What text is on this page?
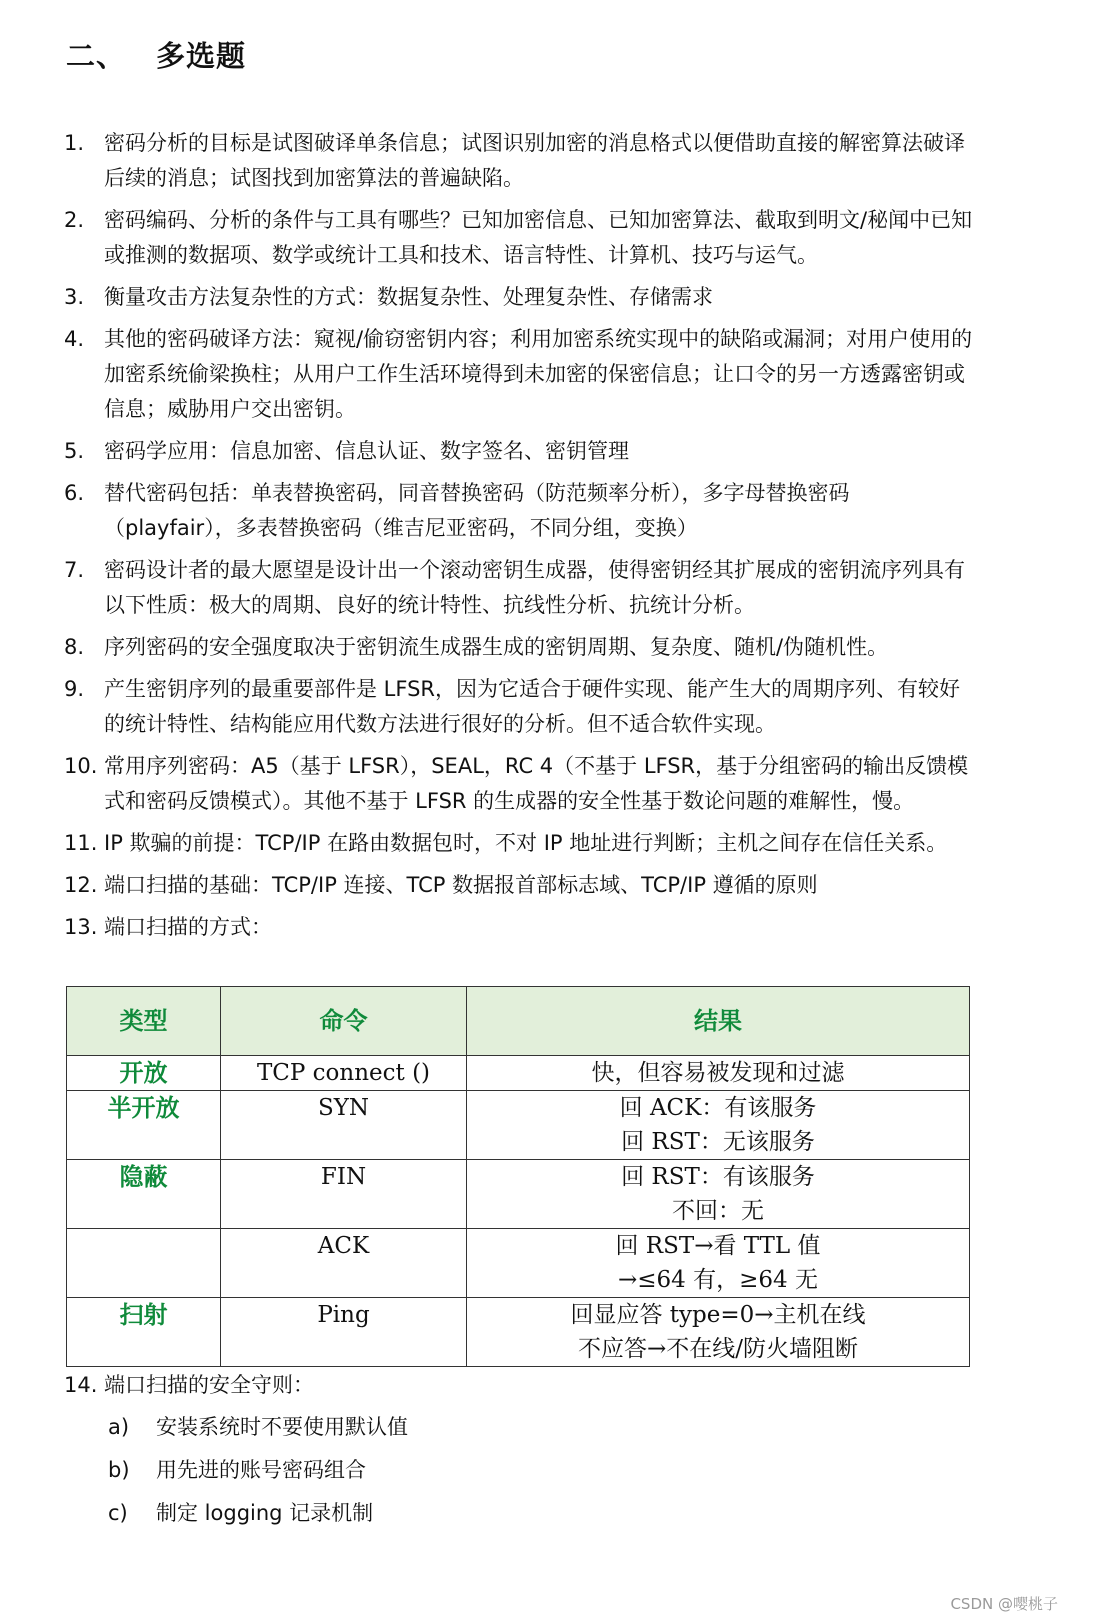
二、 多选题
1. 密码分析的目标是试图破译单条信息；试图识别加密的消息格式以便借助直接的解密算法破译后续的消息；试图找到加密算法的普遍缺陷。
2. 密码编码、分析的条件与工具有哪些？已知加密信息、已知加密算法、截取到明文/秘闻中已知或推测的数据项、数学或统计工具和技术、语言特性、计算机、技巧与运气。
3. 衡量攻击方法复杂性的方式：数据复杂性、处理复杂性、存储需求
4. 其他的密码破译方法：窥视/偷窃密钥内容；利用加密系统实现中的缺陷或漏洞；对用户使用的加密系统偷梁换柱；从用户工作生活环境得到未加密的保密信息；让口令的另一方透露密钥或信息；威胁用户交出密钥。
5. 密码学应用：信息加密、信息认证、数字签名、密钥管理
6. 替代密码包括：单表替换密码，同音替换密码（防范频率分析），多字母替换密码（playfair），多表替换密码（维吉尼亚密码，不同分组，变换）
7. 密码设计者的最大愿望是设计出一个滚动密钥生成器，使得密钥经其扩展成的密钥流序列具有以下性质：极大的周期、良好的统计特性、抗线性分析、抗统计分析。
8. 序列密码的安全强度取决于密钥流生成器生成的密钥周期、复杂度、随机/伪随机性。
9. 产生密钥序列的最重要部件是 LFSR，因为它适合于硬件实现、能产生大的周期序列、有较好的统计特性、结构能应用代数方法进行很好的分析。但不适合软件实现。
10. 常用序列密码：A5（基于 LFSR），SEAL，RC 4（不基于 LFSR，基于分组密码的输出反馈模式和密码反馈模式）。其他不基于 LFSR 的生成器的安全性基于数论问题的难解性，慢。
11. IP 欺骗的前提：TCP/IP 在路由数据包时，不对 IP 地址进行判断；主机之间存在信任关系。
12. 端口扫描的基础：TCP/IP 连接、TCP 数据报首部标志域、TCP/IP 遵循的原则
13. 端口扫描的方式：
类型	命令	结果
开放	TCP connect ()	快，但容易被发现和过滤

半开放	SYN	回 ACK：有该服务
回 RST：无该服务

隐蔽	FIN	回 RST：有该服务
不回：无

	ACK	回 RST→看 TTL 值
→≤64 有，≥64 无

扫射	Ping	回显应答 type=0→主机在线
不应答→不在线/防火墙阻断
14. 端口扫描的安全守则：
a)	安装系统时不要使用默认值
b)	用先进的账号密码组合
c)	制定 logging 记录机制
CSDN @嘤桃子
